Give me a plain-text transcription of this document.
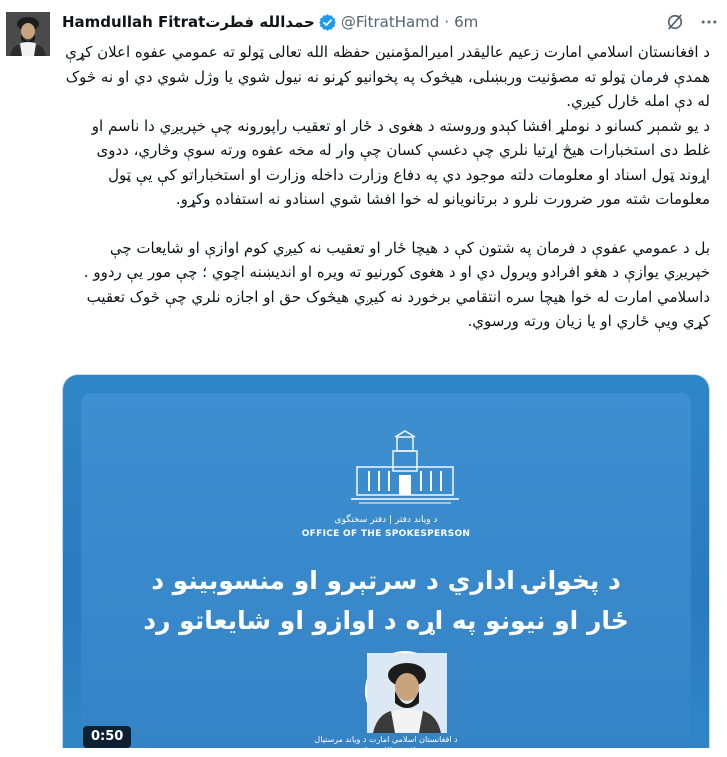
Hamdullah Fitratحمدالله فطرت @FitratHamd · 6m

د افغانستان اسلامي امارت زعيم عاليقدر اميرالمؤمنين حفظه الله تعالی ټولو ته عمومي عفوه اعلان کړې همدې فرمان ټولو ته مصؤنيت وربښلی، هيڅوک په پخوانيو کړنو نه نيول شوي يا وژل شوي دي او نه څوک له دې امله ځارل کيږي.

د يو شمېر کسانو د نوملړ افشا کېدو وروسته د هغوی د ځار او تعقيب راپورونه چې خپريږي دا ناسم او غلط دی استخبارات هيڅ اړتيا نلري چې دغسې کسان چې وار له مخه عفوه ورته سوې وڅاري، ددوی اړوند ټول اسناد او معلومات دلته موجود دي په دفاع وزارت داخله وزارت او استخباراتو کې يې ټول معلومات شته مور ضرورت نلرو د برتانويانو له خوا افشا شوي اسنادو نه استفاده وکړو.

بل د عمومي عفوې د فرمان په شتون کې د هيچا ځار او تعقيب نه کيږي کوم اوازې او شايعات چې خپريږي يوازې د هغو افرادو ويرول دي او د هغوی کورنيو ته ويره او انديښنه اچوي ؛ چې مور يې ردوو .

داسلامي امارت له خوا هيچا سره انتقامي برخورد نه کيږي هيڅوک حق او اجازه نلري چې څوک تعقيب کړي ويې ځاري او يا زيان ورته ورسوي.

د وياند دفتر | دفتر سخنگوی
OFFICE OF THE SPOKESPERSON
د پخوانۍ اداري د سرتېرو او منسوبينو د
ځار او نيونو په اړه د اوازو او شايعاتو رد
د افغانستان اسلامي امارت د وياند مرستيال
ملا حمدالله فطرت
0:50
